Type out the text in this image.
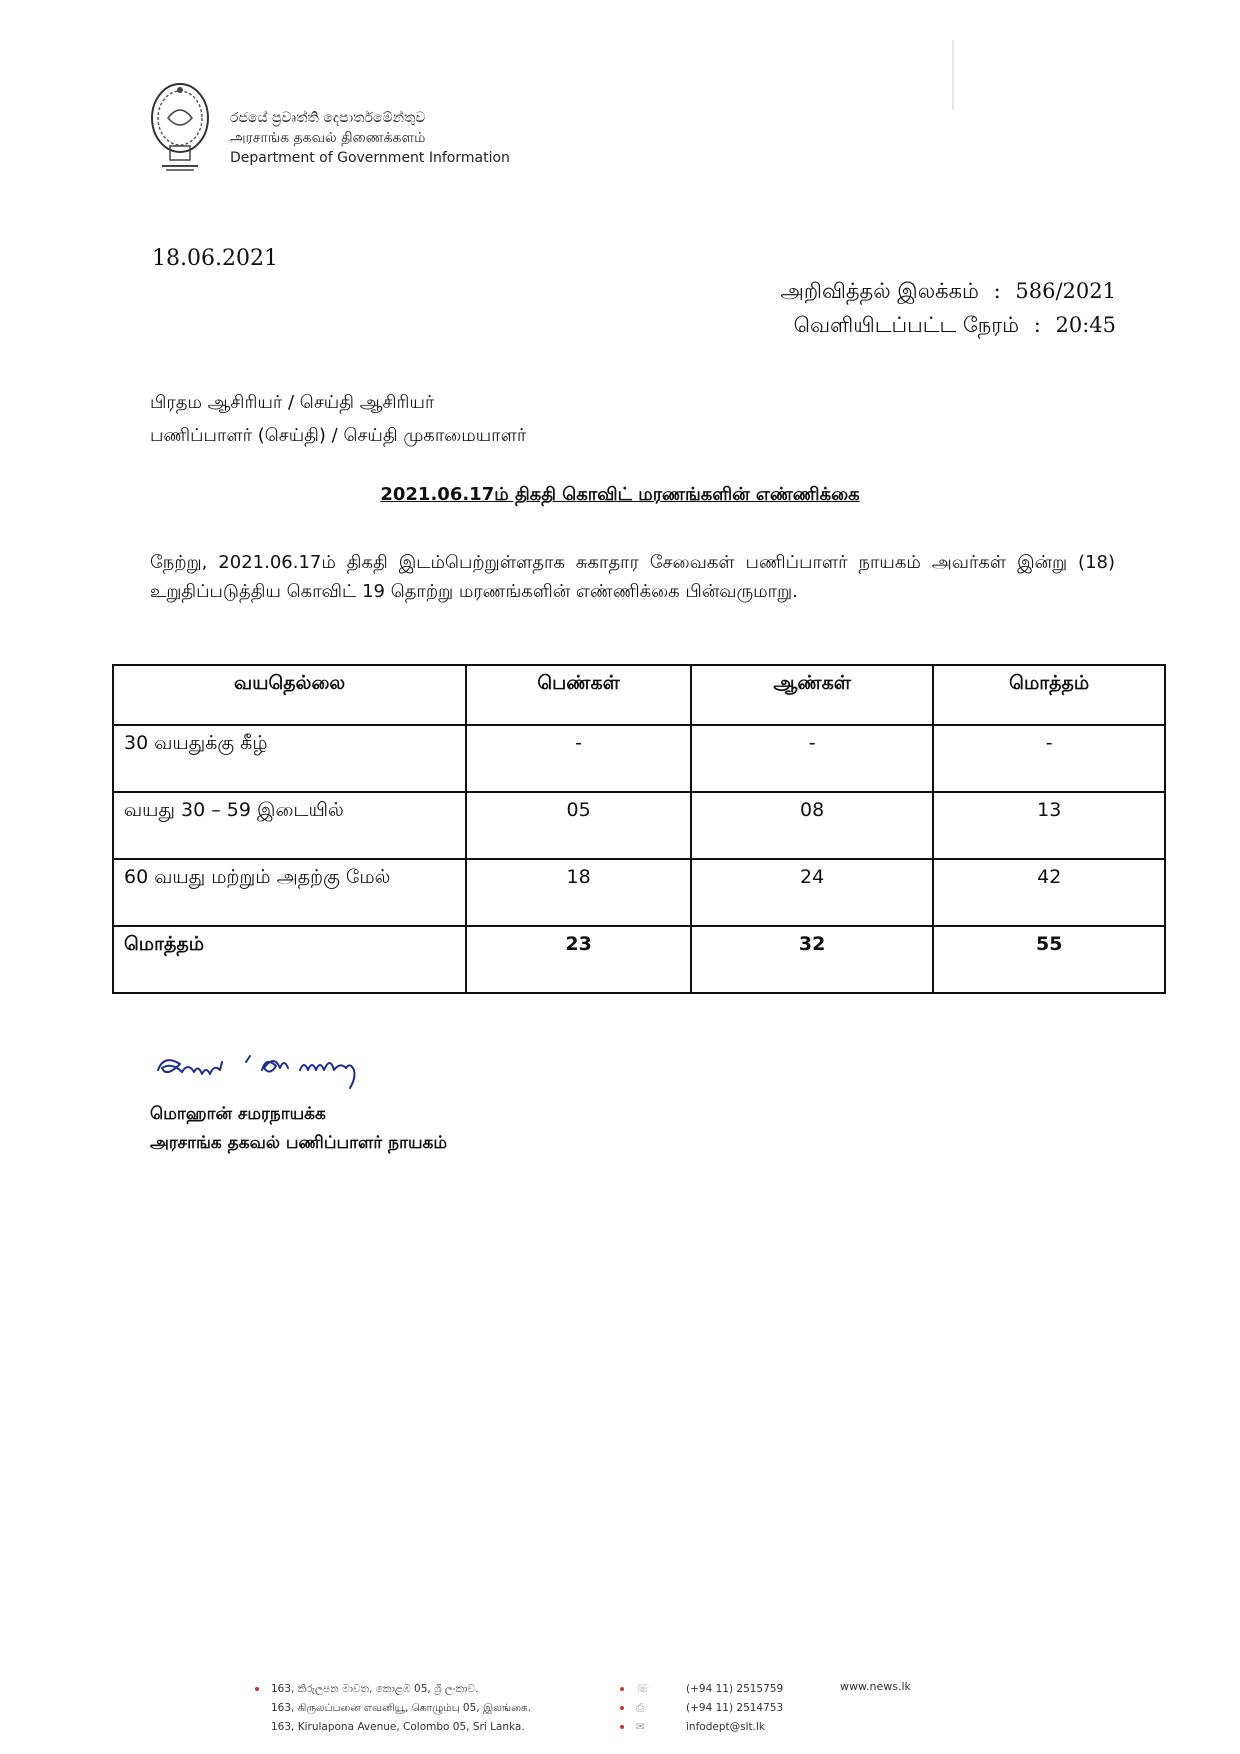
රජයේ ප්‍රවෘත්ති දෙපාර්තමේන්තුව
அரசாங்க தகவல் திணைக்களம்
Department of Government Information
18.06.2021
அறிவித்தல் இலக்கம் : 586/2021
வெளியிடப்பட்ட நேரம் : 20:45
பிரதம ஆசிரியர் / செய்தி ஆசிரியர்
பணிப்பாளர் (செய்தி) / செய்தி முகாமையாளர்
2021.06.17ம் திகதி கொவிட் மரணங்களின் எண்ணிக்கை
நேற்று, 2021.06.17ம் திகதி இடம்பெற்றுள்ளதாக சுகாதார சேவைகள் பணிப்பாளர் நாயகம் அவர்கள் இன்று (18) உறுதிப்படுத்திய கொவிட் 19 தொற்று மரணங்களின் எண்ணிக்கை பின்வருமாறு.
வயதெல்லை	பெண்கள்	ஆண்கள்	மொத்தம்
30 வயதுக்கு கீழ்	-	-	-
வயது 30 – 59 இடையில்	05	08	13
60 வயது மற்றும் அதற்கு மேல்	18	24	42
மொத்தம்	23	32	55
மொஹான் சமரநாயக்க
அரசாங்க தகவல் பணிப்பாளர் நாயகம்
163, කිරුලපන මාවත, කොළඹ 05, ශ්‍රී ලංකාව.
163, கிருலப்பனை எவனியூ, கொழும்பு 05, இலங்கை.
163, Kirulapona Avenue, Colombo 05, Sri Lanka.
☏	(+94 11) 2515759
⎙	(+94 11) 2514753
✉	infodept@slt.lk
www.news.lk
